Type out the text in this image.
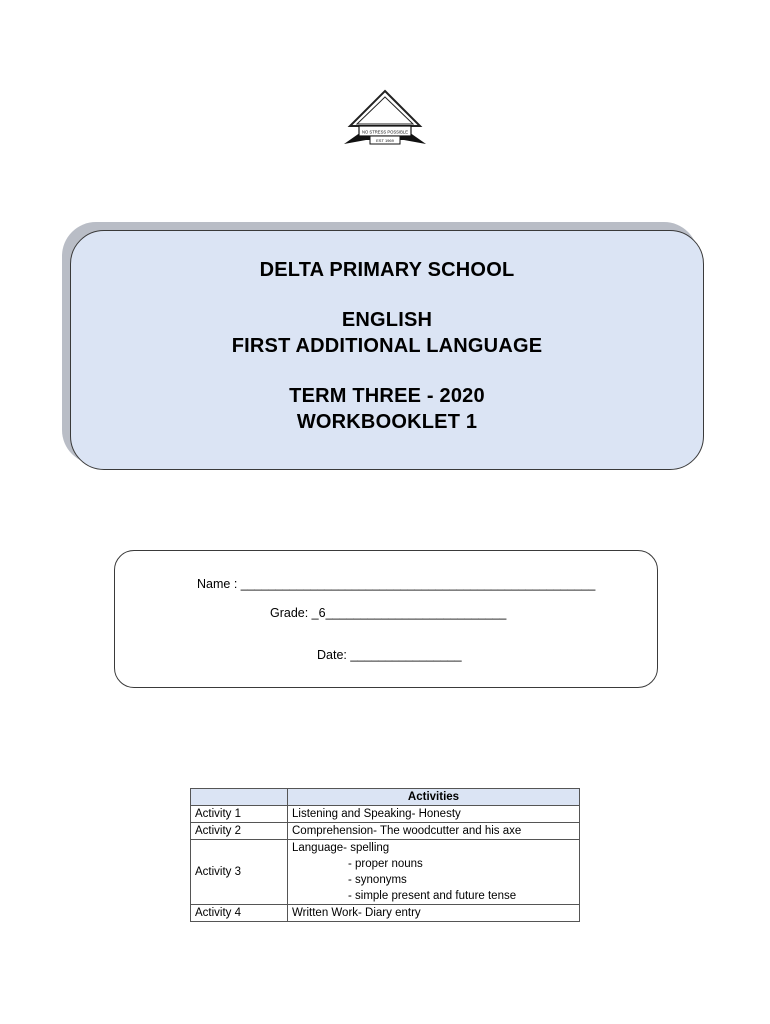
NO STRESS POSSIBLE
EST 1969
DELTA PRIMARY SCHOOL
ENGLISH
FIRST ADDITIONAL LANGUAGE
TERM THREE - 2020
WORKBOOKLET 1
Name : ___________________________________________________
Grade: _6__________________________
Date: ________________
	Activities
Activity 1	Listening and Speaking- Honesty
Activity 2	Comprehension- The woodcutter and his axe
Activity 3	Language- spelling
- proper nouns
- synonyms
- simple present and future tense

Activity 4	Written Work- Diary entry
